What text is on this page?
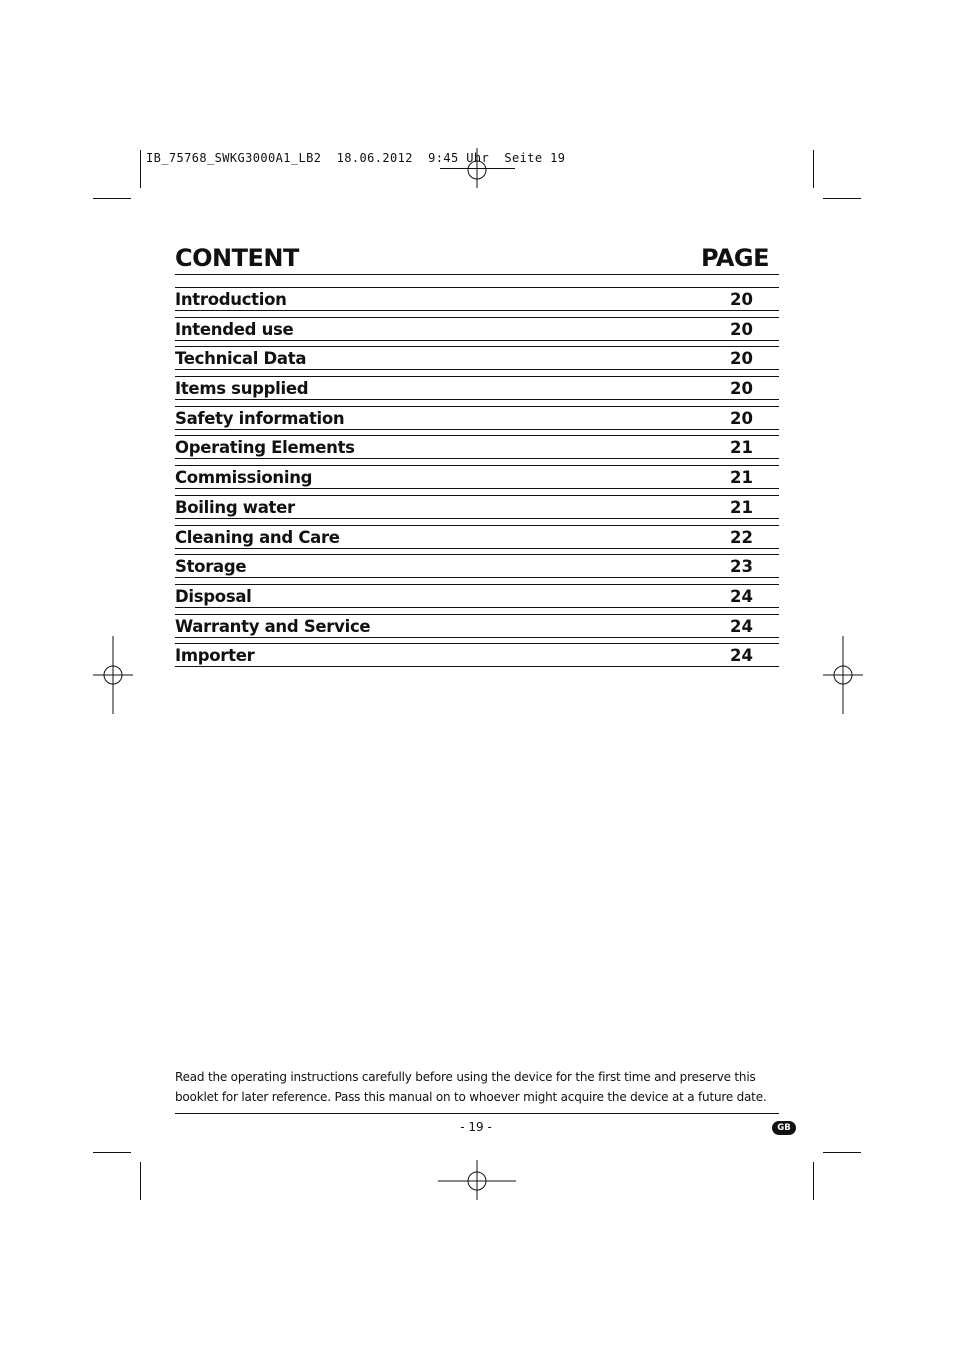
IB_75768_SWKG3000A1_LB2  18.06.2012  9:45 Uhr  Seite 19
CONTENT	PAGE
Introduction	20
Intended use	20
Technical Data	20
Items supplied	20
Safety information	20
Operating Elements	21
Commissioning	21
Boiling water	21
Cleaning and Care	22
Storage	23
Disposal	24
Warranty and Service	24
Importer	24
Read the operating instructions carefully before using the device for the first time and preserve this booklet for later reference. Pass this manual on to whoever might acquire the device at a future date.
- 19 -	GB
